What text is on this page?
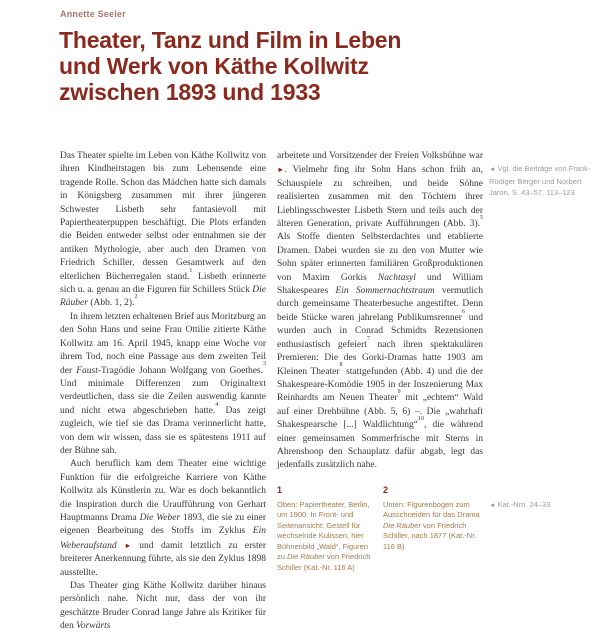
Annette Seeler
Theater, Tanz und Film in Leben
und Werk von Käthe Kollwitz
zwischen 1893 und 1933

Das Theater spielte im Leben von Käthe Kollwitz von ihren Kindheitstagen bis zum Lebensende eine tragende Rolle. Schon das Mädchen hatte sich damals in Königsberg zusammen mit ihrer jüngeren Schwester Lisbeth sehr fantasievoll mit Papiertheaterpuppen beschäftigt. Die Plots erfanden die Beiden entweder selbst oder entnahmen sie der antiken Mythologie, aber auch den Dramen von Friedrich Schiller, dessen Gesamtwerk auf den elterlichen Bücherregalen stand.$^1$ Lisbeth erinnerte sich u. a. genau an die Figuren für Schillers Stück Die Räuber (Abb. 1, 2).$^2$

In ihrem letzten erhaltenen Brief aus Moritzburg an den Sohn Hans und seine Frau Ottilie zitierte Käthe Kollwitz am 16. April 1945, knapp eine Woche vor ihrem Tod, noch eine Passage aus dem zweiten Teil der Faust-Tragödie Johann Wolfgang von Goethes.$^3$ Und minimale Differenzen zum Originaltext verdeutlichen, dass sie die Zeilen auswendig kannte und nicht etwa abgeschrieben hatte.$^4$ Das zeigt zugleich, wie tief sie das Drama verinnerlicht hatte, von dem wir wissen, dass sie es spätestens 1911 auf der Bühne sah.

Auch beruflich kam dem Theater eine wichtige Funktion für die erfolgreiche Karriere von Käthe Kollwitz als Künstlerin zu. War es doch bekanntlich die Inspiration durch die Uraufführung von Gerhart Hauptmanns Drama Die Weber 1893, die sie zu einer eigenen Bearbeitung des Stoffs im Zyklus Ein Weberaufstand ► und damit letztlich zu erster breiterer Anerkennung führte, als sie den Zyklus 1898 ausstellte.

Das Theater ging Käthe Kollwitz darüber hinaus persönlich nahe. Nicht nur, dass der von ihr geschätzte Bruder Conrad lange Jahre als Kritiker für den Vorwärts

arbeitete und Vorsitzender der Freien Volksbühne war ►. Vielmehr fing ihr Sohn Hans schon früh an, Schauspiele zu schreiben, und beide Söhne realisierten zusammen mit den Töchtern ihrer Lieblingsschwester Lisbeth Stern und teils auch der älteren Generation, private Aufführungen (Abb. 3).$^5$ Als Stoffe dienten Selbsterdachtes und etablierte Dramen. Dabei wurden sie zu den von Mutter wie Sohn später erinnerten familiären Großproduktionen von Maxim Gorkis Nachtasyl und William Shakespeares Ein Sommernachtstraum vermutlich durch gemeinsame Theaterbesuche angestiftet. Denn beide Stücke waren jahrelang Publikumsrenner$^6$ und wurden auch in Conrad Schmidts Rezensionen enthusiastisch gefeiert$^7$ nach ihren spektakulären Premieren: Die des Gorki-Dramas hatte 1903 am Kleinen Theater$^8$ stattgefunden (Abb. 4) und die der Shakespeare-Komödie 1905 in der Inszenierung Max Reinhardts am Neuen Theater$^9$ mit „echtem“ Wald auf einer Drehbühne (Abb. 5, 6) –. Die „wahrhaft Shakespearsche [...] Waldlichtung“$^{10}$, die während einer gemeinsamen Sommerfrische mit Sterns in Ahrenshoop den Schauplatz dafür abgab, legt das jedenfalls zusätzlich nahe.

◄ Vgl. die Beiträge von Frank-Rüdiger Berger und Norbert Jaron, S. 43–57, 113–123
◄ Kat.-Nrn. 24–33
1
Oben: Papiertheater, Berlin, um 1900. In Front- und Seitenansicht: Gestell für wechselnde Kulissen, hier Bühnenbild „Wald“, Figuren zu Die Räuber von Friedrich Schiller (Kat.-Nr. 116 A)
2
Unten: Figurenbogen zum Ausschneiden für das Drama Die Räuber von Friedrich Schiller, nach 1877 (Kat.-Nr. 116 B)
